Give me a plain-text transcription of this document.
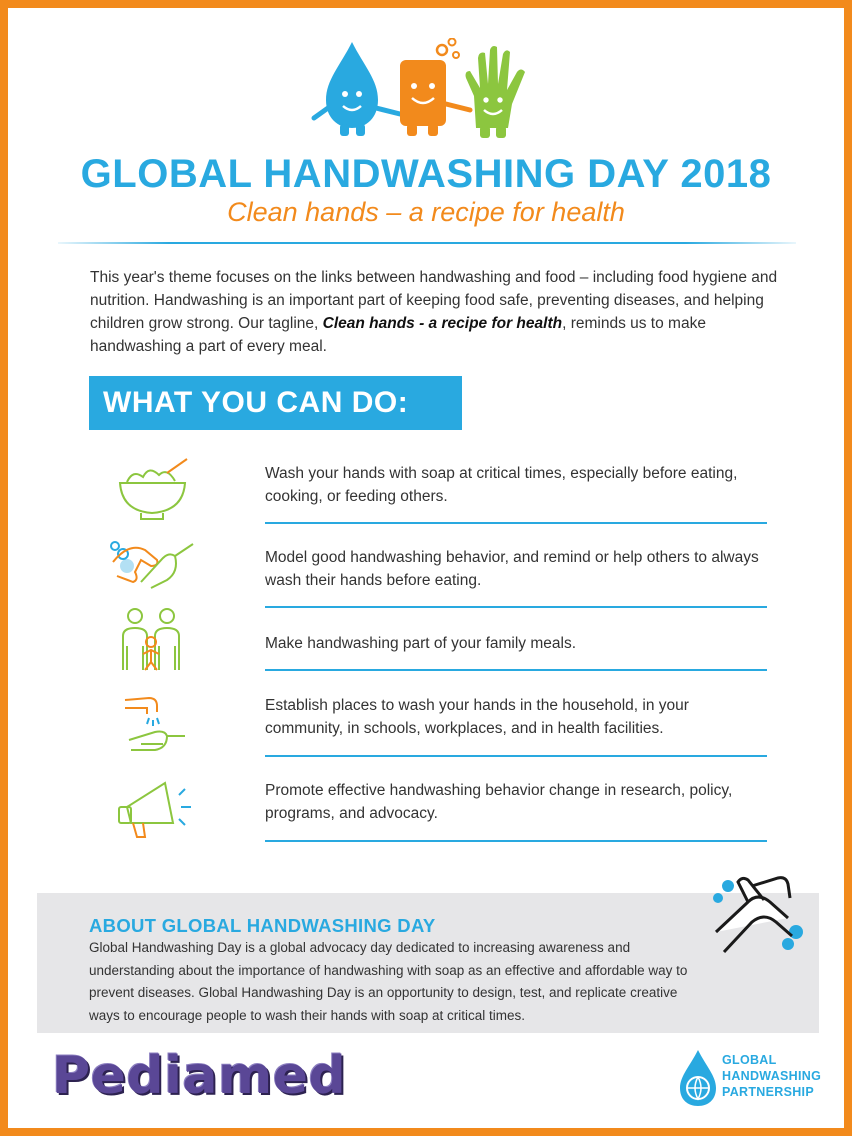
GLOBAL HANDWASHING DAY 2018
Clean hands – a recipe for health
This year's theme focuses on the links between handwashing and food – including food hygiene and nutrition. Handwashing is an important part of keeping food safe, preventing diseases, and helping children grow strong. Our tagline, Clean hands - a recipe for health, reminds us to make handwashing a part of every meal.
WHAT YOU CAN DO:
Wash your hands with soap at critical times, especially before eating, cooking, or feeding others.
Model good handwashing behavior, and remind or help others to always wash their hands before eating.
Make handwashing part of your family meals.
Establish places to wash your hands in the household, in your community, in schools, workplaces, and in health facilities.
Promote effective handwashing behavior change in research, policy, programs, and advocacy.
ABOUT GLOBAL HANDWASHING DAY
Global Handwashing Day is a global advocacy day dedicated to increasing awareness and understanding about the importance of handwashing with soap as an effective and affordable way to prevent diseases. Global Handwashing Day is an opportunity to design, test, and replicate creative ways to encourage people to wash their hands with soap at critical times.
Pediamed	GLOBAL
HANDWASHING
PARTNERSHIP
